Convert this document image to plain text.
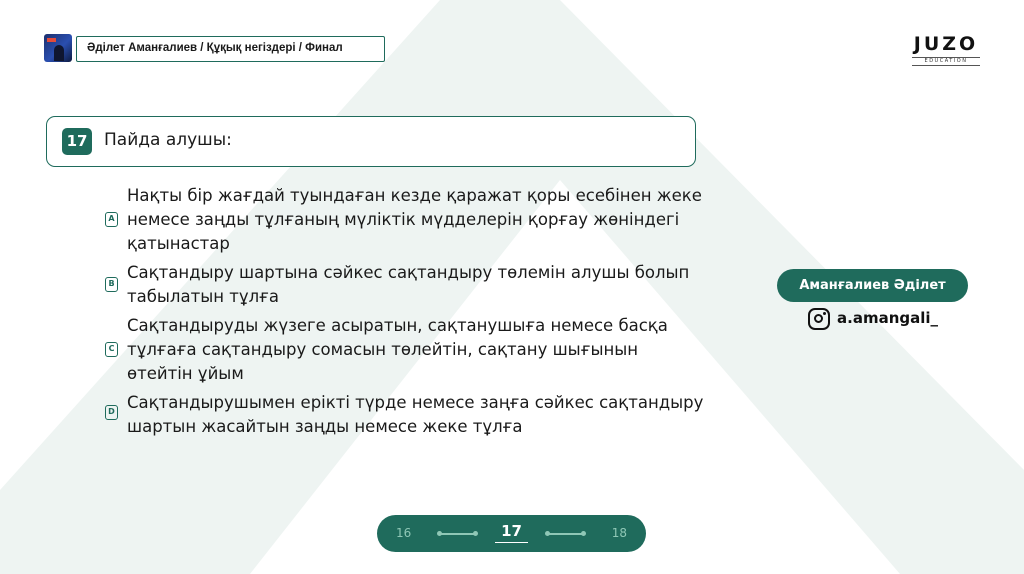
Әділет Аманғалиев / Құқық негіздері / Финал	JUZO
EDUCATION
17 Пайда алушы:
A
Нақты бір жағдай туындаған кезде қаражат қоры есебінен жеке немесе заңды тұлғаның мүліктік мүдделерін қорғау жөніндегі қатынастар
B
Сақтандыру шартына сәйкес сақтандыру төлемін алушы болып табылатын тұлға
C
Сақтандыруды жүзеге асыратын, сақтанушыға немесе басқа тұлғаға сақтандыру сомасын төлейтін, сақтану шығынын өтейтін ұйым
D Сақтандырушымен ерікті түрде немесе заңға сәйкес сақтандыру шартын жасайтын заңды немесе жеке тұлға
Аманғалиев Әділет
a.amangali_
16	17	18
